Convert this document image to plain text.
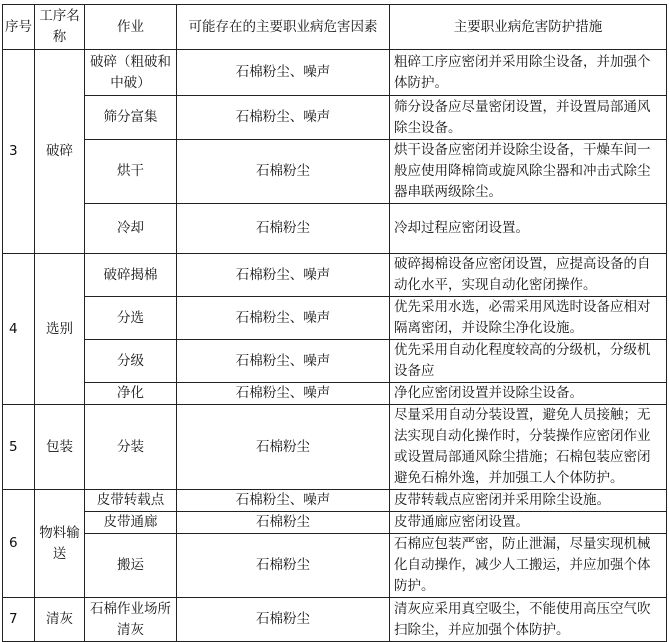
序号	工序名称	作业	可能存在的主要职业病危害因素	主要职业病危害防护措施
3	破碎	破碎（粗破和中破）	石棉粉尘、噪声	粗碎工序应密闭并采用除尘设备，并加强个体防护。
		筛分富集	石棉粉尘、噪声	筛分设备应尽量密闭设置，并设置局部通风除尘设备。
		烘干	石棉粉尘	烘干设备应密闭并设除尘设备，干燥车间一般应使用降棉筒或旋风除尘器和冲击式除尘器串联两级除尘。
		冷却	石棉粉尘	冷却过程应密闭设置。
4	选别	破碎揭棉	石棉粉尘、噪声	破碎揭棉设备应密闭设置，应提高设备的自动化水平，实现自动化密闭操作。
		分选	石棉粉尘、噪声	优先采用水选，必需采用风选时设备应相对隔离密闭，并设除尘净化设施。
		分级	石棉粉尘、噪声	优先采用自动化程度较高的分级机，分级机设备应
		净化	石棉粉尘、噪声	净化应密闭设置并设除尘设备。
5	包装	分装	石棉粉尘	尽量采用自动分装设置，避免人员接触；无法实现自动化操作时，分装操作应密闭作业或设置局部通风除尘措施；石棉包装应密闭避免石棉外逸，并加强工人个体防护。
6	物料输送	皮带转载点	石棉粉尘、噪声	皮带转载点应密闭并采用除尘设施。
		皮带通廊	石棉粉尘	皮带通廊应密闭设置。
		搬运	石棉粉尘	石棉应包装严密，防止泄漏，尽量实现机械化自动操作，减少人工搬运，并应加强个体防护。
7	清灰	石棉作业场所清灰	石棉粉尘	清灰应采用真空吸尘，不能使用高压空气吹扫除尘，并应加强个体防护。
